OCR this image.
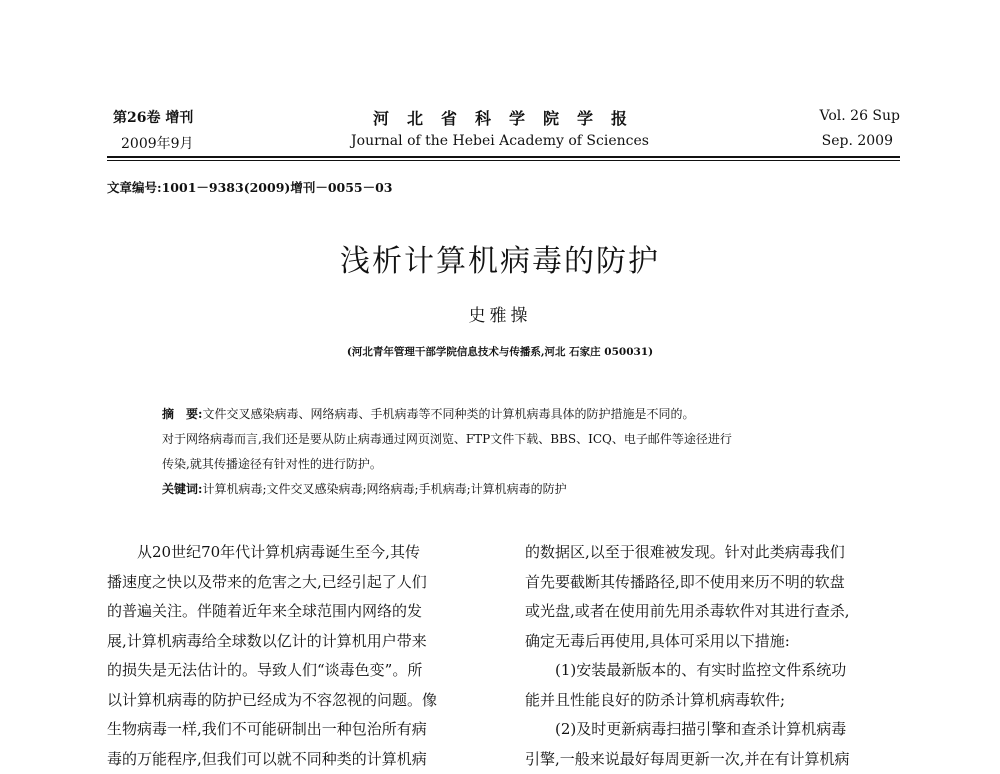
第26卷 增刊
2009年9月
河北省科学院学报
Journal of the Hebei Academy of Sciences
Vol. 26 Sup
Sep. 2009
文章编号:1001－9383(2009)增刊－0055－03
浅析计算机病毒的防护
史雅操
(河北青年管理干部学院信息技术与传播系,河北 石家庄 050031)

摘　要:文件交叉感染病毒、网络病毒、手机病毒等不同种类的计算机病毒具体的防护措施是不同的。

对于网络病毒而言,我们还是要从防止病毒通过网页浏览、FTP文件下载、BBS、ICQ、电子邮件等途径进行

传染,就其传播途径有针对性的进行防护。

关键词:计算机病毒;文件交叉感染病毒;网络病毒;手机病毒;计算机病毒的防护

　　从20世纪70年代计算机病毒诞生至今,其传

播速度之快以及带来的危害之大,已经引起了人们

的普遍关注。伴随着近年来全球范围内网络的发

展,计算机病毒给全球数以亿计的计算机用户带来

的损失是无法估计的。导致人们“谈毒色变”。所

以计算机病毒的防护已经成为不容忽视的问题。像

生物病毒一样,我们不可能研制出一种包治所有病

毒的万能程序,但我们可以就不同种类的计算机病

的数据区,以至于很难被发现。针对此类病毒我们

首先要截断其传播路径,即不使用来历不明的软盘

或光盘,或者在使用前先用杀毒软件对其进行查杀,

确定无毒后再使用,具体可采用以下措施:

　　(1)安装最新版本的、有实时监控文件系统功

能并且性能良好的防杀计算机病毒软件;

　　(2)及时更新病毒扫描引擎和查杀计算机病毒

引擎,一般来说最好每周更新一次,并在有计算机病
